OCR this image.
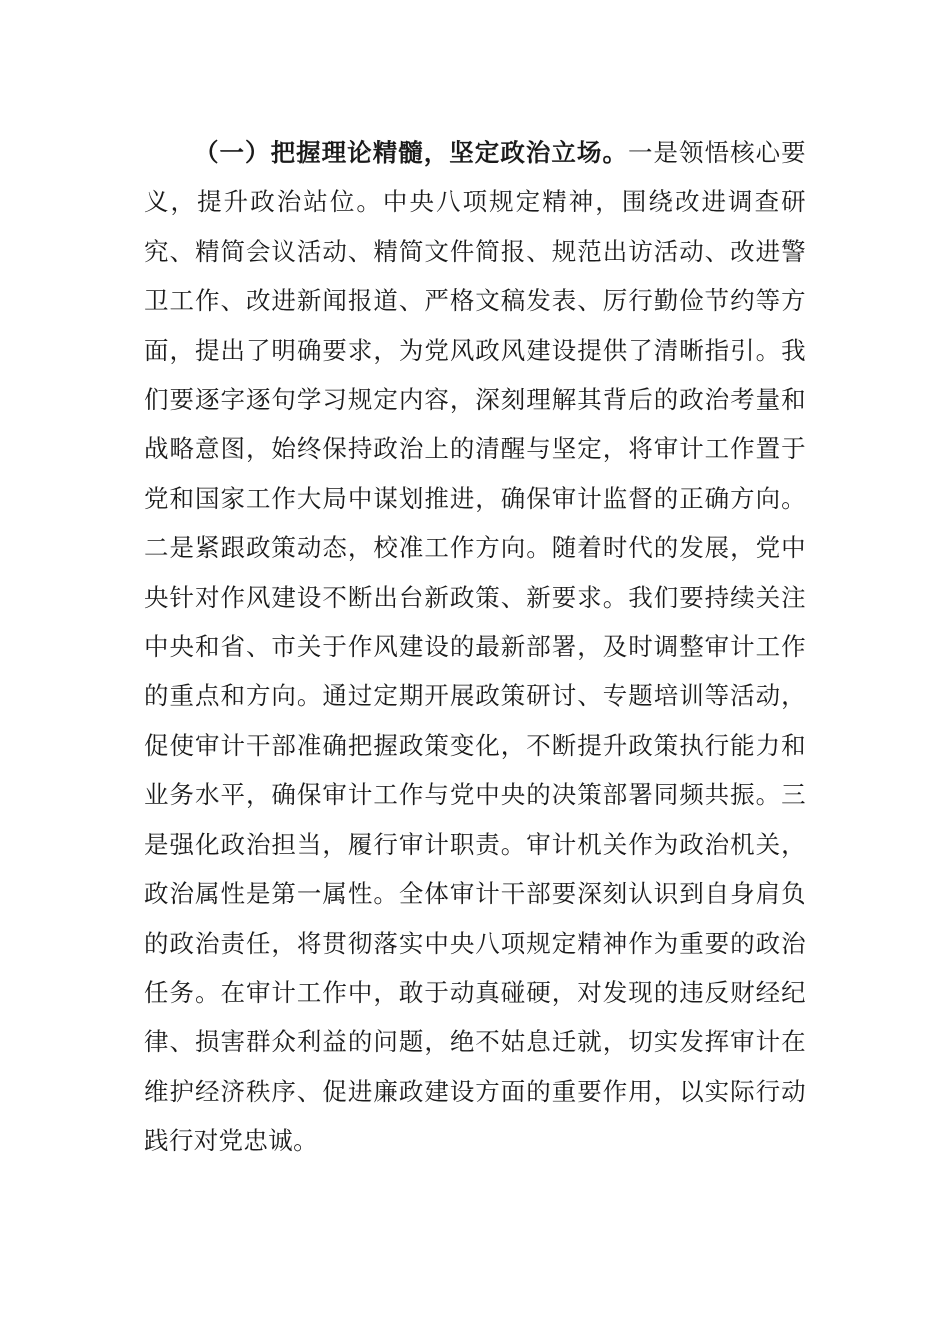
（一）把握理论精髓，坚定政治立场。一是领悟核心要义，提升政治站位。中央八项规定精神，围绕改进调查研究、精简会议活动、精简文件简报、规范出访活动、改进警卫工作、改进新闻报道、严格文稿发表、厉行勤俭节约等方面，提出了明确要求，为党风政风建设提供了清晰指引。我们要逐字逐句学习规定内容，深刻理解其背后的政治考量和战略意图，始终保持政治上的清醒与坚定，将审计工作置于党和国家工作大局中谋划推进，确保审计监督的正确方向。二是紧跟政策动态，校准工作方向。随着时代的发展，党中央针对作风建设不断出台新政策、新要求。我们要持续关注中央和省、市关于作风建设的最新部署，及时调整审计工作的重点和方向。通过定期开展政策研讨、专题培训等活动，促使审计干部准确把握政策变化，不断提升政策执行能力和业务水平，确保审计工作与党中央的决策部署同频共振。三是强化政治担当，履行审计职责。审计机关作为政治机关，政治属性是第一属性。全体审计干部要深刻认识到自身肩负的政治责任，将贯彻落实中央八项规定精神作为重要的政治任务。在审计工作中，敢于动真碰硬，对发现的违反财经纪律、损害群众利益的问题，绝不姑息迁就，切实发挥审计在维护经济秩序、促进廉政建设方面的重要作用，以实际行动践行对党忠诚。
